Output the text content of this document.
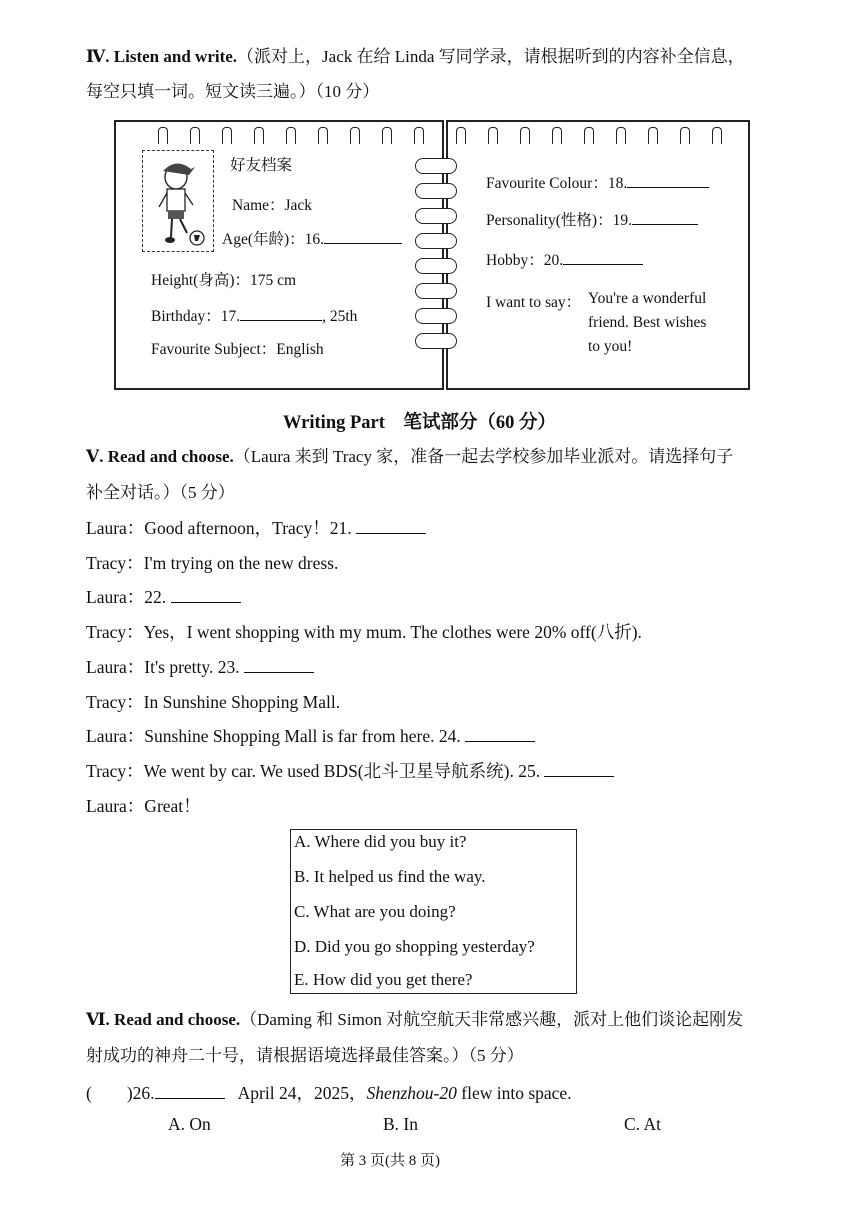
Ⅳ. Listen and write.（派对上，Jack 在给 Linda 写同学录，请根据听到的内容补全信息，
每空只填一词。短文读三遍。）（10 分）
好友档案
Name：Jack
Age(年龄)：16.
Height(身高)：175 cm
Birthday：17.	, 25th
Favourite Subject：English
Favourite Colour：18.
Personality(性格)：19.
Hobby：20.
I want to say： You're a wonderful
friend. Best wishes
to you!
Writing Part　笔试部分（60 分）
Ⅴ. Read and choose.（Laura 来到 Tracy 家，准备一起去学校参加毕业派对。请选择句子
补全对话。）（5 分）
Laura：Good afternoon，Tracy！21.
Tracy：I'm trying on the new dress.
Laura：22.
Tracy：Yes，I went shopping with my mum. The clothes were 20% off(八折).
Laura：It's pretty. 23.
Tracy：In Sunshine Shopping Mall.
Laura：Sunshine Shopping Mall is far from here. 24.
Tracy：We went by car. We used BDS(北斗卫星导航系统). 25.
Laura：Great！
A. Where did you buy it?
B. It helped us find the way.
C. What are you doing?
D. Did you go shopping yesterday?
E. How did you get there?
Ⅵ. Read and choose.（Daming 和 Simon 对航空航天非常感兴趣，派对上他们谈论起刚发
射成功的神舟二十号，请根据语境选择最佳答案。）（5 分）
(　　)26.	April 24，2025，Shenzhou-20 flew into space.
A. On	B. In	C. At
第 3 页(共 8 页)
